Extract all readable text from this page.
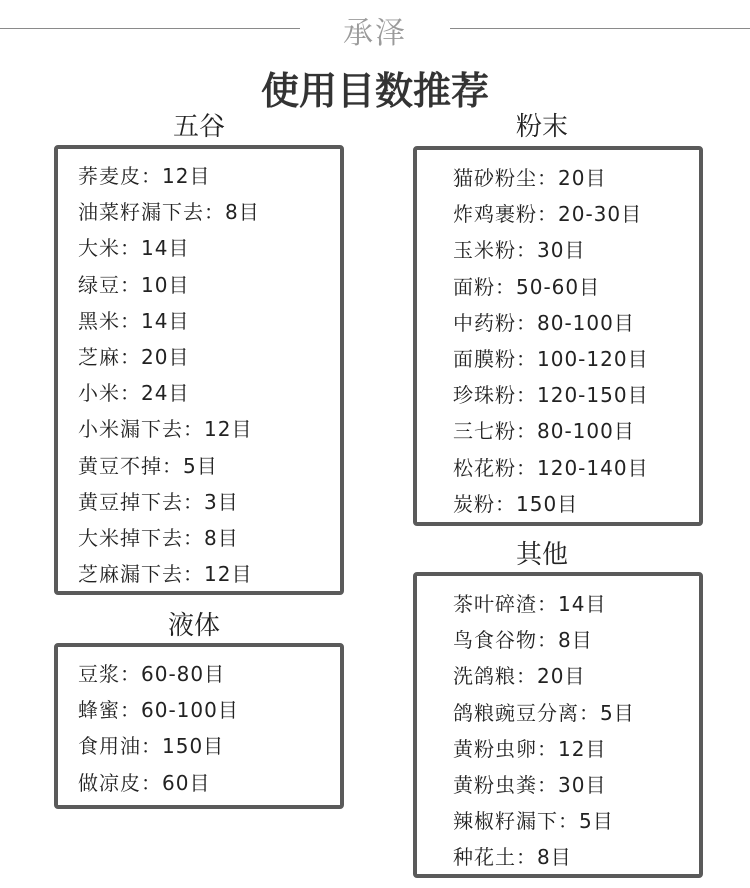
承泽
使用目数推荐
五谷
荞麦皮：12目
油菜籽漏下去：8目
大米：14目
绿豆：10目
黑米：14目
芝麻：20目
小米：24目
小米漏下去：12目
黄豆不掉：5目
黄豆掉下去：3目
大米掉下去：8目
芝麻漏下去：12目
液体
豆浆：60-80目
蜂蜜：60-100目
食用油：150目
做凉皮：60目
粉末
猫砂粉尘：20目
炸鸡裹粉：20-30目
玉米粉：30目
面粉：50-60目
中药粉：80-100目
面膜粉：100-120目
珍珠粉：120-150目
三七粉：80-100目
松花粉：120-140目
炭粉：150目
其他
茶叶碎渣：14目
鸟食谷物：8目
洗鸽粮：20目
鸽粮豌豆分离：5目
黄粉虫卵：12目
黄粉虫粪：30目
辣椒籽漏下：5目
种花土：8目
